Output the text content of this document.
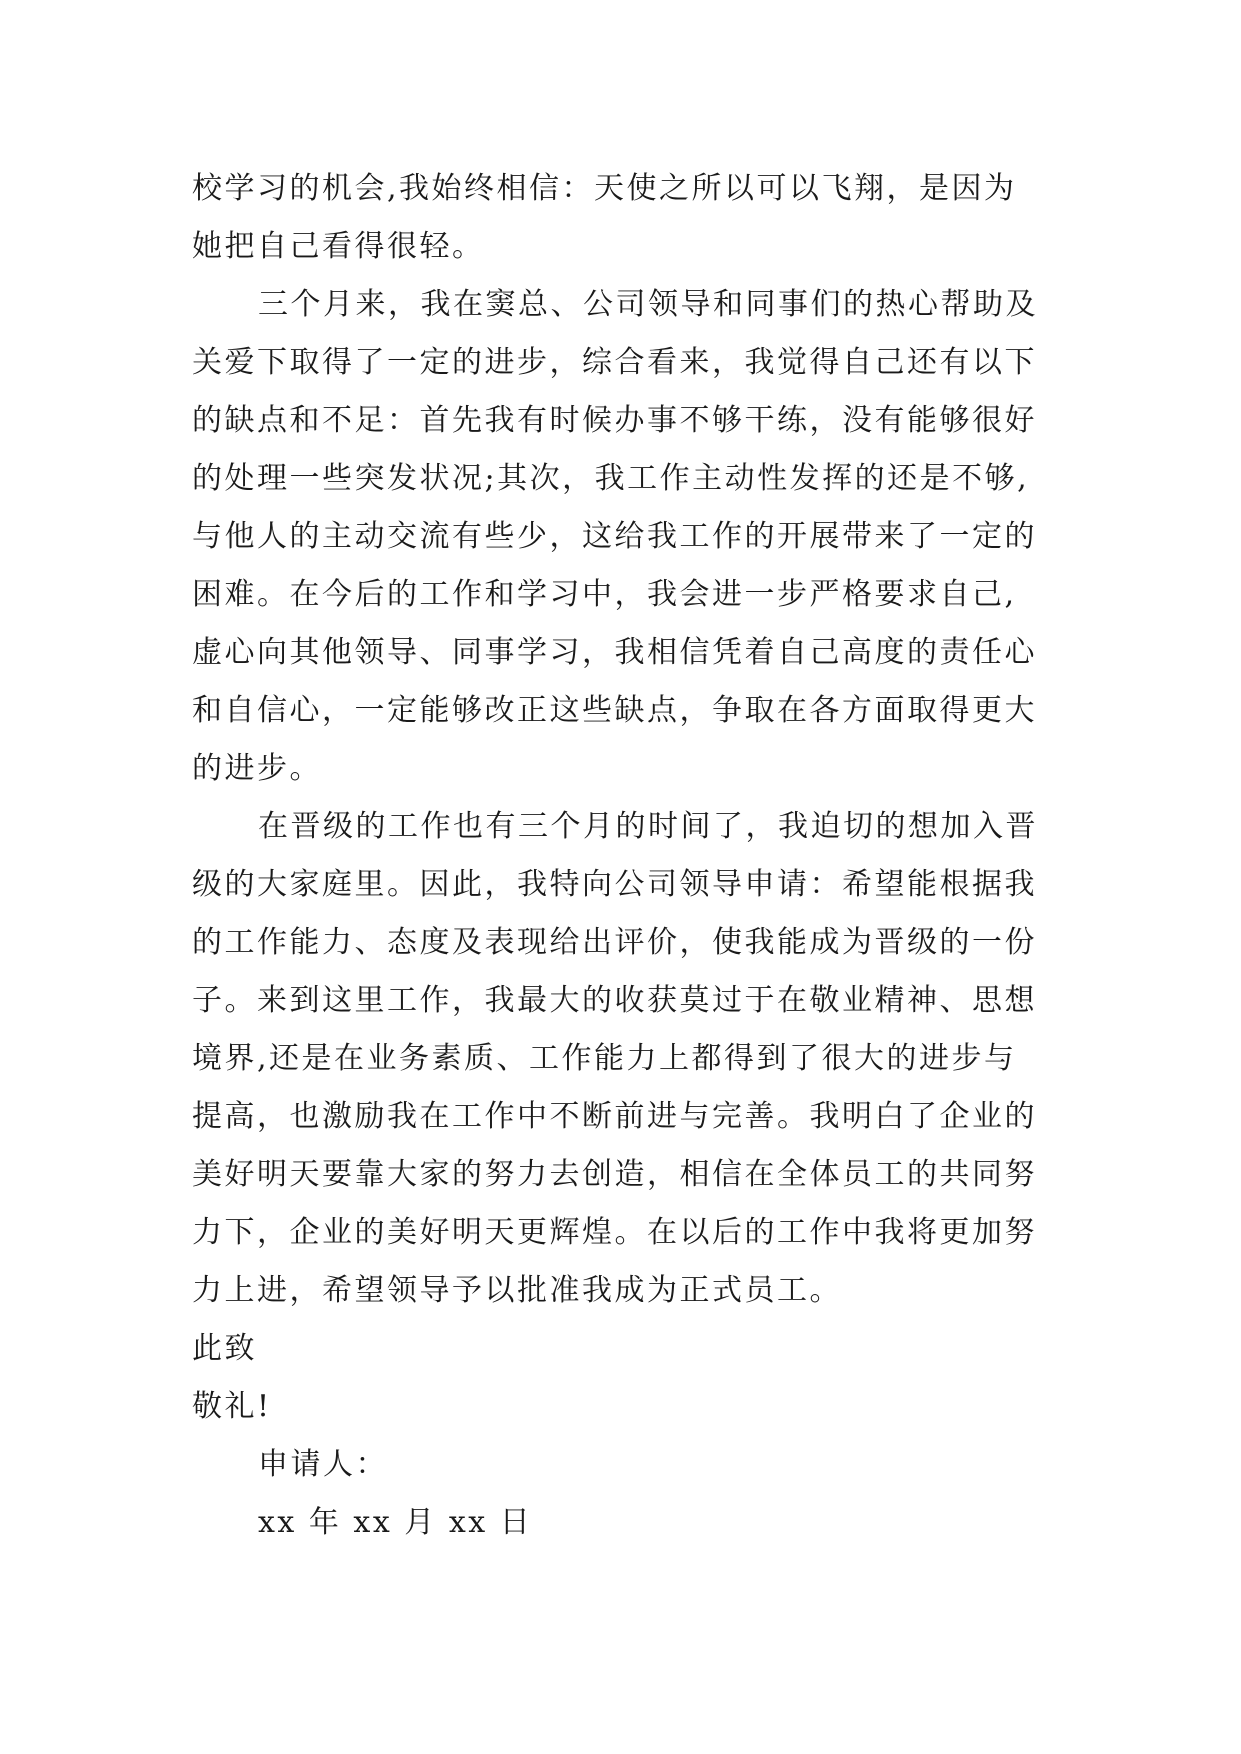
校学习的机会,我始终相信：天使之所以可以飞翔，是因为
她把自己看得很轻。
三个月来，我在窦总、公司领导和同事们的热心帮助及
关爱下取得了一定的进步，综合看来，我觉得自己还有以下
的缺点和不足：首先我有时候办事不够干练，没有能够很好
的处理一些突发状况;其次，我工作主动性发挥的还是不够,
与他人的主动交流有些少，这给我工作的开展带来了一定的
困难。在今后的工作和学习中，我会进一步严格要求自己,
虚心向其他领导、同事学习，我相信凭着自己高度的责任心
和自信心，一定能够改正这些缺点，争取在各方面取得更大
的进步。
在晋级的工作也有三个月的时间了，我迫切的想加入晋
级的大家庭里。因此，我特向公司领导申请：希望能根据我
的工作能力、态度及表现给出评价，使我能成为晋级的一份
子。来到这里工作，我最大的收获莫过于在敬业精神、思想
境界,还是在业务素质、工作能力上都得到了很大的进步与
提高，也激励我在工作中不断前进与完善。我明白了企业的
美好明天要靠大家的努力去创造，相信在全体员工的共同努
力下，企业的美好明天更辉煌。在以后的工作中我将更加努
力上进，希望领导予以批准我成为正式员工。
此致
敬礼!
申请人：
xx 年 xx 月 xx 日
